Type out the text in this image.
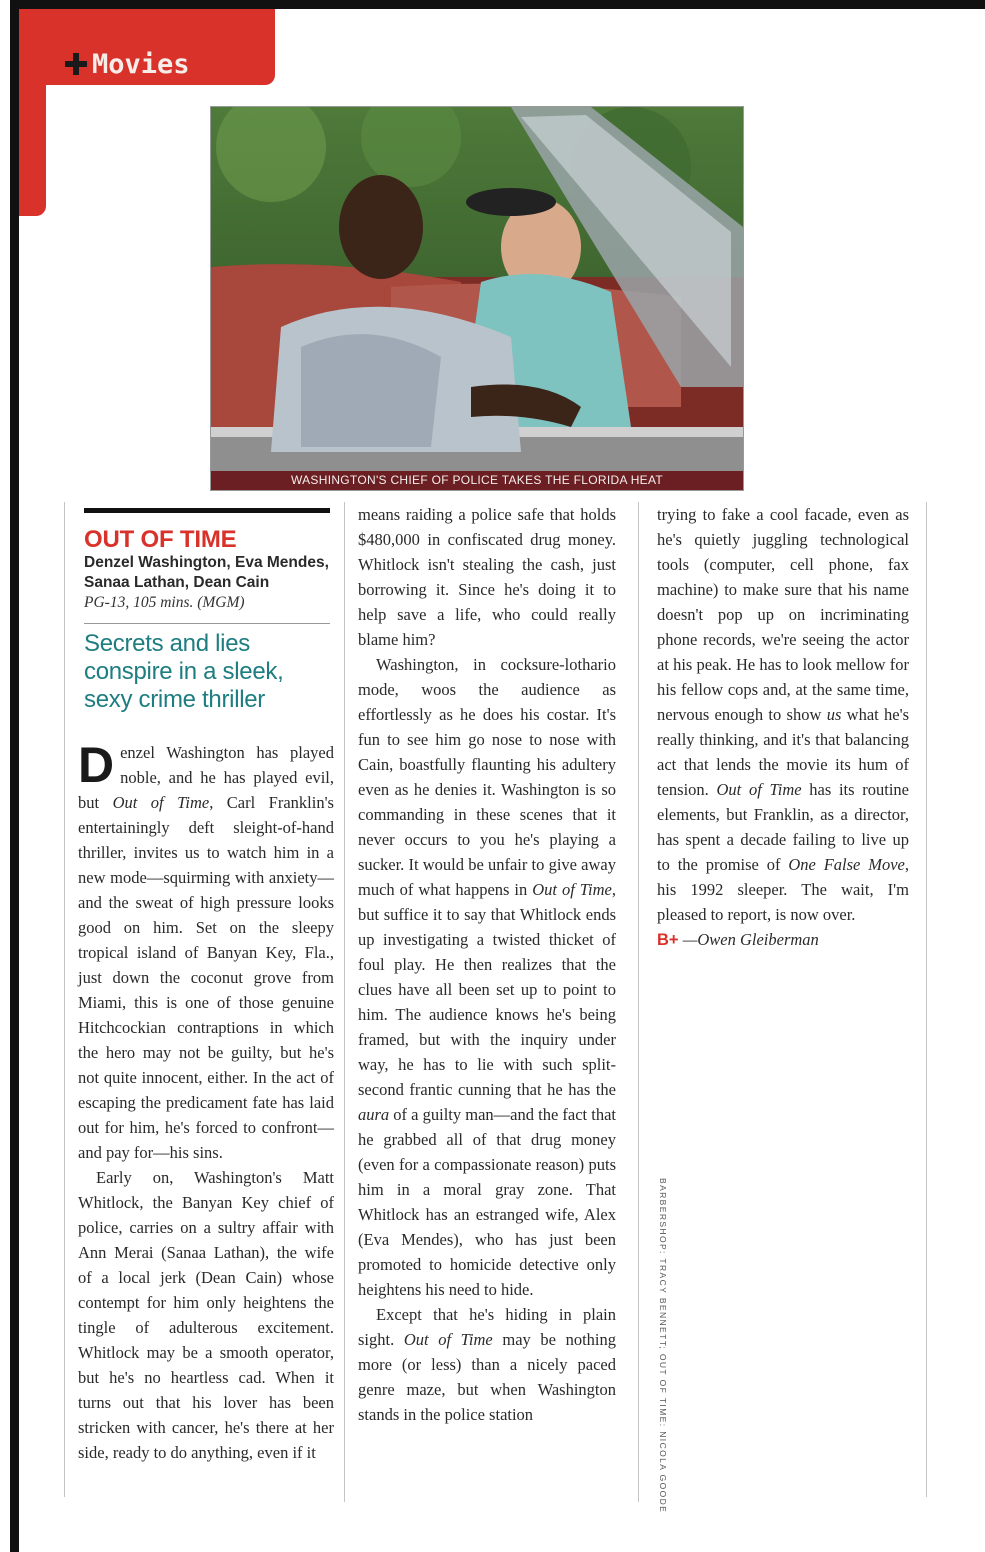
Movies
WASHINGTON'S CHIEF OF POLICE TAKES THE FLORIDA HEAT
OUT OF TIME
Denzel Washington, Eva Mendes, Sanaa Lathan, Dean Cain
PG-13, 105 mins. (MGM)
Secrets and lies conspire in a sleek, sexy crime thriller

Denzel Washington has played noble, and he has played evil, but Out of Time, Carl Franklin's entertainingly deft sleight-of-hand thriller, invites us to watch him in a new mode—squirming with anxiety—and the sweat of high pressure looks good on him. Set on the sleepy tropical island of Banyan Key, Fla., just down the coconut grove from Miami, this is one of those genuine Hitchcockian contraptions in which the hero may not be guilty, but he's not quite innocent, either. In the act of escaping the predicament fate has laid out for him, he's forced to confront—and pay for—his sins.

Early on, Washington's Matt Whitlock, the Banyan Key chief of police, carries on a sultry affair with Ann Merai (Sanaa Lathan), the wife of a local jerk (Dean Cain) whose contempt for him only heightens the tingle of adulterous excitement. Whitlock may be a smooth operator, but he's no heartless cad. When it turns out that his lover has been stricken with cancer, he's there at her side, ready to do anything, even if it

means raiding a police safe that holds $480,000 in confiscated drug money. Whitlock isn't stealing the cash, just borrowing it. Since he's doing it to help save a life, who could really blame him?

Washington, in cocksure-lothario mode, woos the audience as effortlessly as he does his costar. It's fun to see him go nose to nose with Cain, boastfully flaunting his adultery even as he denies it. Washington is so commanding in these scenes that it never occurs to you he's playing a sucker. It would be unfair to give away much of what happens in Out of Time, but suffice it to say that Whitlock ends up investigating a twisted thicket of foul play. He then realizes that the clues have all been set up to point to him. The audience knows he's being framed, but with the inquiry under way, he has to lie with such split-second frantic cunning that he has the aura of a guilty man—and the fact that he grabbed all of that drug money (even for a compassionate reason) puts him in a moral gray zone. That Whitlock has an estranged wife, Alex (Eva Mendes), who has just been promoted to homicide detective only heightens his need to hide.

Except that he's hiding in plain sight. Out of Time may be nothing more (or less) than a nicely paced genre maze, but when Washington stands in the police station

trying to fake a cool facade, even as he's quietly juggling technological tools (computer, cell phone, fax machine) to make sure that his name doesn't pop up on incriminating phone records, we're seeing the actor at his peak. He has to look mellow for his fellow cops and, at the same time, nervous enough to show us what he's really thinking, and it's that balancing act that lends the movie its hum of tension. Out of Time has its routine elements, but Franklin, as a director, has spent a decade failing to live up to the promise of One False Move, his 1992 sleeper. The wait, I'm pleased to report, is now over.

B+ —Owen Gleiberman

BARBERSHOP: TRACY BENNETT; OUT OF TIME: NICOLA GOODE
